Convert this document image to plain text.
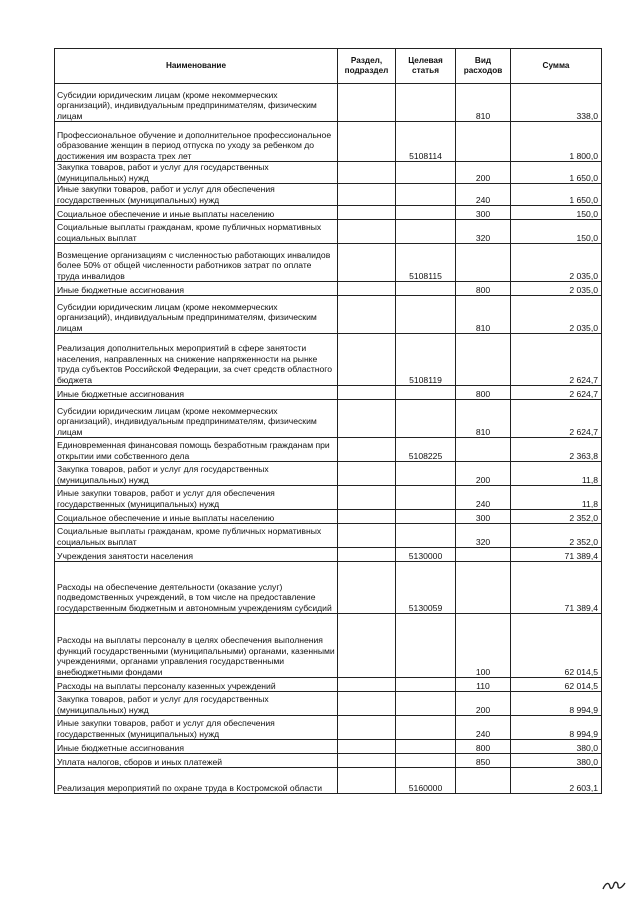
Наименование	Раздел, подраздел	Целевая статья	Вид расходов	Сумма
Субсидии юридическим лицам (кроме некоммерческих организаций), индивидуальным предпринимателям, физическим лицам			810	338,0
Профессиональное обучение и дополнительное профессиональное образование женщин в период отпуска по уходу за ребенком до достижения им возраста трех лет		5108114		1 800,0
Закупка товаров, работ и услуг для государственных (муниципальных) нужд			200	1 650,0
Иные закупки товаров, работ и услуг для обеспечения государственных (муниципальных) нужд			240	1 650,0
Социальное обеспечение и иные выплаты населению			300	150,0
Социальные выплаты гражданам, кроме публичных нормативных социальных выплат			320	150,0
Возмещение организациям с численностью работающих инвалидов более 50% от общей численности работников затрат по оплате труда инвалидов		5108115		2 035,0
Иные бюджетные ассигнования			800	2 035,0
Субсидии юридическим лицам (кроме некоммерческих организаций), индивидуальным предпринимателям, физическим лицам			810	2 035,0
Реализация дополнительных мероприятий в сфере занятости населения, направленных на снижение напряженности на рынке труда субъектов Российской Федерации, за счет средств областного бюджета		5108119		2 624,7
Иные бюджетные ассигнования			800	2 624,7
Субсидии юридическим лицам (кроме некоммерческих организаций), индивидуальным предпринимателям, физическим лицам			810	2 624,7
Единовременная финансовая помощь безработным гражданам при открытии ими собственного дела		5108225		2 363,8
Закупка товаров, работ и услуг для государственных (муниципальных) нужд			200	11,8
Иные закупки товаров, работ и услуг для обеспечения государственных (муниципальных) нужд			240	11,8
Социальное обеспечение и иные выплаты населению			300	2 352,0
Социальные выплаты гражданам, кроме публичных нормативных социальных выплат			320	2 352,0
Учреждения занятости населения		5130000		71 389,4
Расходы на обеспечение деятельности (оказание услуг) подведомственных учреждений, в том числе на предоставление государственным бюджетным и автономным учреждениям субсидий		5130059		71 389,4
Расходы на выплаты персоналу в целях обеспечения выполнения функций государственными (муниципальными) органами, казенными учреждениями, органами управления государственными внебюджетными фондами			100	62 014,5
Расходы на выплаты персоналу казенных учреждений			110	62 014,5
Закупка товаров, работ и услуг для государственных (муниципальных) нужд			200	8 994,9
Иные закупки товаров, работ и услуг для обеспечения государственных (муниципальных) нужд			240	8 994,9
Иные бюджетные ассигнования			800	380,0
Уплата налогов, сборов и иных платежей			850	380,0
Реализация мероприятий по охране труда в Костромской области		5160000		2 603,1
